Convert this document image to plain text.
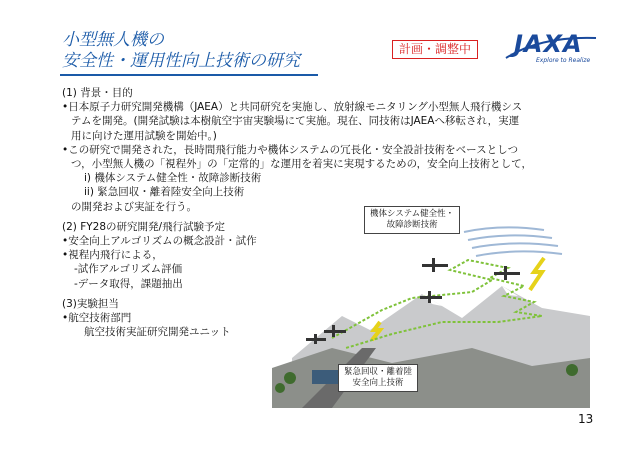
小型無人機の
安全性・運用性向上技術の研究
計画・調整中 JAXA
Explore to Realize
(1) 背景・目的
•日本原子力研究開発機構（JAEA）と共同研究を実施し、放射線モニタリング小型無人飛行機シス
テムを開発。(開発試験は本樹航空宇宙実験場にて実施。現在、同技術はJAEAへ移転され，実運
用に向けた運用試験を開始中。)
•この研究で開発された，長時間飛行能力や機体システムの冗長化・安全設計技術をベースとしつ
つ，小型無人機の「視程外」の「定常的」な運用を着実に実現するための，安全向上技術として，
i) 機体システム健全性・故障診断技術
ii) 緊急回収・離着陸安全向上技術
の開発および実証を行う。
(2) FY28の研究開発/飛行試験予定
•安全向上アルゴリズムの概念設計・試作
•視程内飛行による，
-試作アルゴリズム評価
-データ取得，課題抽出
(3)実験担当
•航空技術部門
航空技術実証研究開発ユニット
機体システム健全性・
故障診断技術
緊急回収・離着陸
安全向上技術
13
